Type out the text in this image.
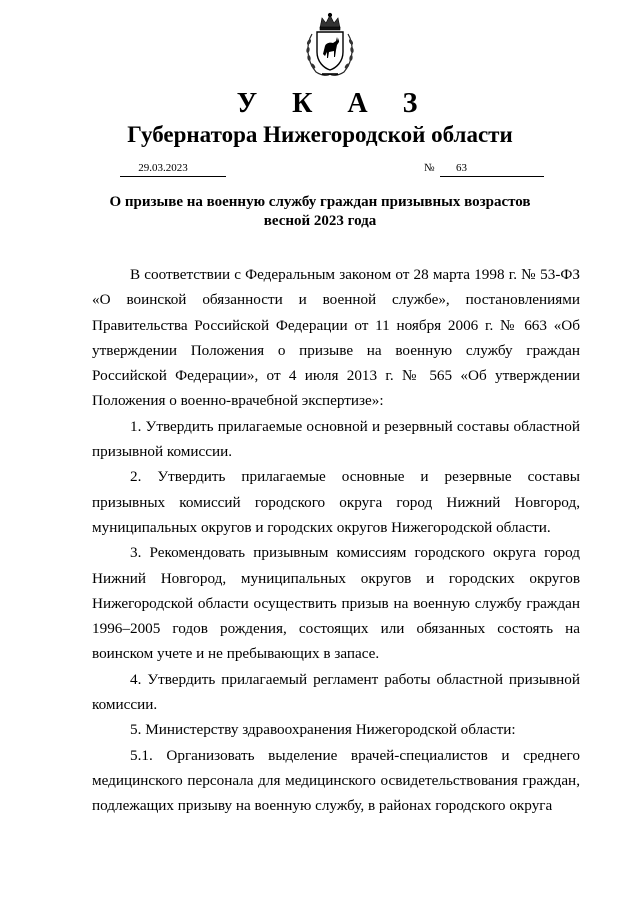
У К А З
Губернатора Нижегородской области
29.03.2023	№	63
О призыве на военную службу граждан призывных возрастов
весной 2023 года

В соответствии с Федеральным законом от 28 марта 1998 г. № 53-ФЗ «О воинской обязанности и военной службе», постановлениями Правительства Российской Федерации от 11 ноября 2006 г. № 663 «Об утверждении Положения о призыве на военную службу граждан Российской Федерации», от 4 июля 2013 г. № 565 «Об утверждении Положения о военно-врачебной экспертизе»:

1. Утвердить прилагаемые основной и резервный составы областной призывной комиссии.

2. Утвердить прилагаемые основные и резервные составы призывных комиссий городского округа город Нижний Новгород, муниципальных округов и городских округов Нижегородской области.

3. Рекомендовать призывным комиссиям городского округа город Нижний Новгород, муниципальных округов и городских округов Нижегородской области осуществить призыв на военную службу граждан 1996–2005 годов рождения, состоящих или обязанных состоять на воинском учете и не пребывающих в запасе.

4. Утвердить прилагаемый регламент работы областной призывной комиссии.

5. Министерству здравоохранения Нижегородской области:

5.1. Организовать выделение врачей-специалистов и среднего медицинского персонала для медицинского освидетельствования граждан, подлежащих призыву на военную службу, в районах городского округа
